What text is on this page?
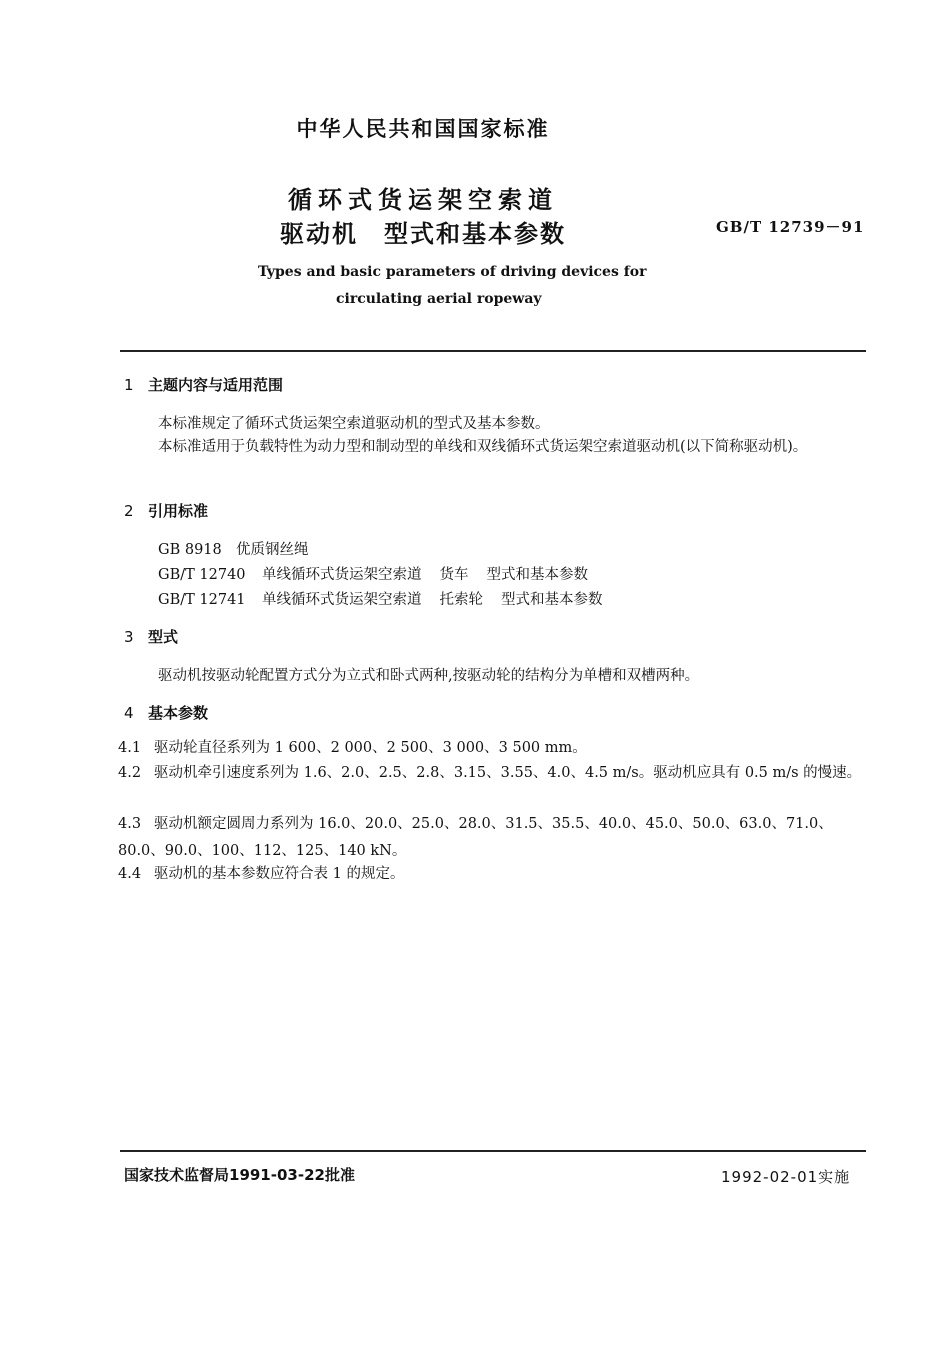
中华人民共和国国家标准
循环式货运架空索道
驱动机　型式和基本参数	GB/T 12739－91
Types and basic parameters of driving devices for
circulating aerial ropeway
1 主题内容与适用范围
本标准规定了循环式货运架空索道驱动机的型式及基本参数。
本标准适用于负载特性为动力型和制动型的单线和双线循环式货运架空索道驱动机(以下简称驱动机)。
2 引用标准
GB 8918 优质钢丝绳
GB/T 12740 单线循环式货运架空索道 货车 型式和基本参数
GB/T 12741 单线循环式货运架空索道 托索轮 型式和基本参数
3 型式
驱动机按驱动轮配置方式分为立式和卧式两种,按驱动轮的结构分为单槽和双槽两种。
4 基本参数
4.1 驱动轮直径系列为 1 600、2 000、2 500、3 000、3 500 mm。
4.2 驱动机牵引速度系列为 1.6、2.0、2.5、2.8、3.15、3.55、4.0、4.5 m/s。驱动机应具有 0.5 m/s 的慢速。
4.3 驱动机额定圆周力系列为 16.0、20.0、25.0、28.0、31.5、35.5、40.0、45.0、50.0、63.0、71.0、80.0、90.0、100、112、125、140 kN。
4.4 驱动机的基本参数应符合表 1 的规定。
国家技术监督局1991-03-22批准	1992-02-01实施
